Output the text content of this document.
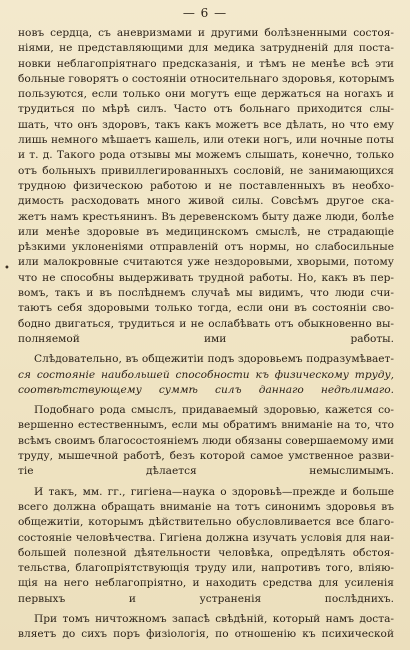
— 6 —
•

новъ сердца, съ аневризмами и другими болѣзненными состоя-
ніями, не представляющими для медика затрудненій для поста-
новки неблагопріятнаго предсказанія, и тѣмъ не менѣе всѣ эти
больные говорятъ о состояніи относительнаго здоровья, которымъ
пользуются, если только они могутъ еще держаться на ногахъ и
трудиться по мѣрѣ силъ. Часто отъ больнаго приходится слы-
шать, что онъ здоровъ, такъ какъ можетъ все дѣлать, но что ему
лишь немного мѣшаетъ кашель, или отеки ногъ, или ночные поты
и т. д. Такого рода отзывы мы можемъ слышать, конечно, только
отъ больныхъ привиллегированныхъ сословій, не занимающихся
трудною физическою работою и не поставленныхъ въ необхо-
димость расходовать много живой силы. Совсѣмъ другое ска-
жетъ намъ крестьянинъ. Въ деревенскомъ быту даже люди, болѣе
или менѣе здоровые въ медицинскомъ смыслѣ, не страдающіе
рѣзкими уклоненіями отправленій отъ нормы, но слабосильные
или малокровные считаются уже нездоровыми, хворыми, потому
что не способны выдерживать трудной работы. Но, какъ въ пер-
вомъ, такъ и въ послѣднемъ случаѣ мы видимъ, что люди счи-
таютъ себя здоровыми только тогда, если они въ состояніи сво-
бодно двигаться, трудиться и не ослабѣвать отъ обыкновенно вы-
полняемой ими работы.

Слѣдовательно, въ общежитіи подъ здоровьемъ подразумѣвает-
ся состояніе наибольшей способности къ физическому труду,
соотвѣтствующему суммѣ силъ даннаго недѣлимаго.

Подобнаго рода смыслъ, придаваемый здоровью, кажется со-
вершенно естественнымъ, если мы обратимъ вниманіе на то, что
всѣмъ своимъ благосостояніемъ люди обязаны совершаемому ими
труду, мышечной работѣ, безъ которой самое умственное разви-
тіе дѣлается немыслимымъ.

И такъ, мм. гг., гигіена—наука о здоровьѣ—прежде и больше
всего должна обращать вниманіе на тотъ синонимъ здоровья въ
общежитіи, которымъ дѣйствительно обусловливается все благо-
состояніе человѣчества. Гигіена должна изучать условія для наи-
большей полезной дѣятельности человѣка, опредѣлять обстоя-
тельства, благопріятствующія труду или, напротивъ того, вліяю-
щія на него неблагопріятно, и находить средства для усиленія
первыхъ и устраненія послѣднихъ.

При томъ ничтожномъ запасѣ свѣдѣній, который намъ доста-
вляетъ до сихъ поръ физіологія, по отношенію къ психической
